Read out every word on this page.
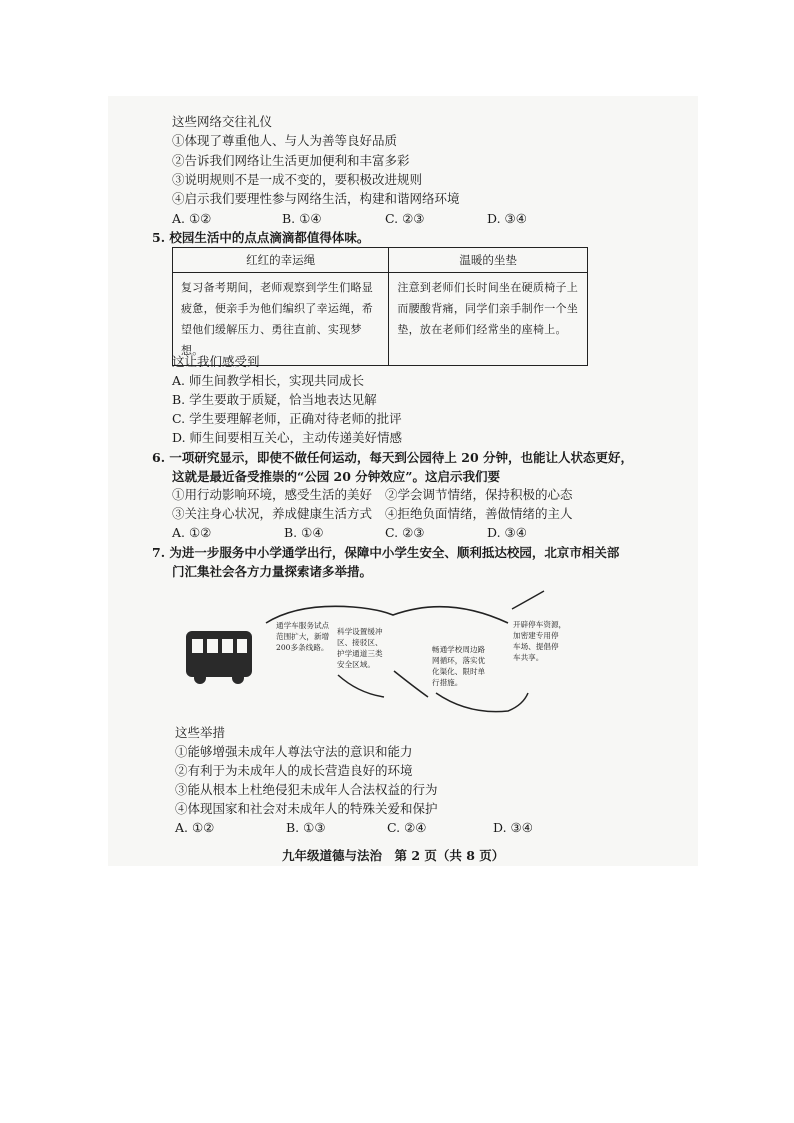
这些网络交往礼仪
①体现了尊重他人、与人为善等良好品质
②告诉我们网络让生活更加便利和丰富多彩
③说明规则不是一成不变的，要积极改进规则
④启示我们要理性参与网络生活，构建和谐网络环境
A. ①②	B. ①④	C. ②③	D. ③④
5. 校园生活中的点点滴滴都值得体味。
红红的幸运绳	温暖的坐垫
复习备考期间，老师观察到学生们略显疲惫，便亲手为他们编织了幸运绳，希望他们缓解压力、勇往直前、实现梦想。	注意到老师们长时间坐在硬质椅子上而腰酸背痛，同学们亲手制作一个坐垫，放在老师们经常坐的座椅上。
这让我们感受到
A. 师生间教学相长，实现共同成长
B. 学生要敢于质疑，恰当地表达见解
C. 学生要理解老师，正确对待老师的批评
D. 师生间要相互关心，主动传递美好情感
6. 一项研究显示，即使不做任何运动，每天到公园待上 20 分钟，也能让人状态更好，
这就是最近备受推崇的“公园 20 分钟效应”。这启示我们要
①用行动影响环境，感受生活的美好 ②学会调节情绪，保持积极的心态
③关注身心状况，养成健康生活方式 ④拒绝负面情绪，善做情绪的主人
A. ①②	B. ①④	C. ②③	D. ③④
7. 为进一步服务中小学通学出行，保障中小学生安全、顺利抵达校园，北京市相关部
门汇集社会各方力量探索诸多举措。
通学车服务试点
范围扩大，新增
200多条线路。
科学设置缓冲
区、接驳区、
护学通道三类
安全区域。
畅通学校周边路
网循环，落实优
化渠化、限时单
行措施。
开辟停车资源，
加密建专用停
车场、提倡停
车共享。
这些举措
①能够增强未成年人尊法守法的意识和能力
②有利于为未成年人的成长营造良好的环境
③能从根本上杜绝侵犯未成年人合法权益的行为
④体现国家和社会对未成年人的特殊关爱和保护
A. ①②	B. ①③	C. ②④	D. ③④
九年级道德与法治　第 2 页（共 8 页）
